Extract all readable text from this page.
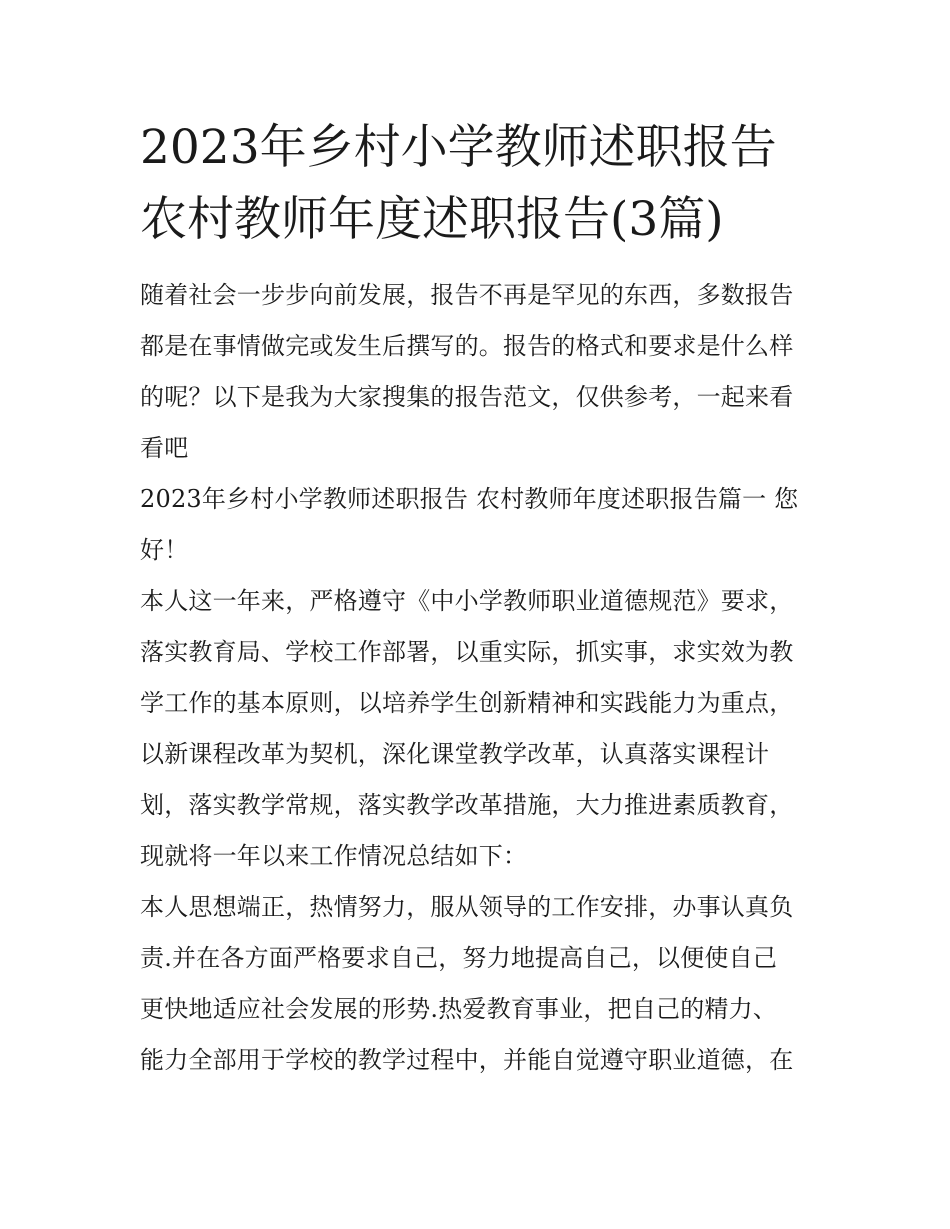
2023年乡村小学教师述职报告
农村教师年度述职报告(3篇)

随着社会一步步向前发展，报告不再是罕见的东西，多数报告
都是在事情做完或发生后撰写的。报告的格式和要求是什么样
的呢？以下是我为大家搜集的报告范文，仅供参考，一起来看
看吧

2023年乡村小学教师述职报告 农村教师年度述职报告篇一 您
好！

本人这一年来，严格遵守《中小学教师职业道德规范》要求，
落实教育局、学校工作部署，以重实际，抓实事，求实效为教
学工作的基本原则，以培养学生创新精神和实践能力为重点，
以新课程改革为契机，深化课堂教学改革，认真落实课程计
划，落实教学常规，落实教学改革措施，大力推进素质教育，
现就将一年以来工作情况总结如下：

本人思想端正，热情努力，服从领导的工作安排，办事认真负
责.并在各方面严格要求自己，努力地提高自己，以便使自己
更快地适应社会发展的形势.热爱教育事业，把自己的精力、
能力全部用于学校的教学过程中，并能自觉遵守职业道德，在
